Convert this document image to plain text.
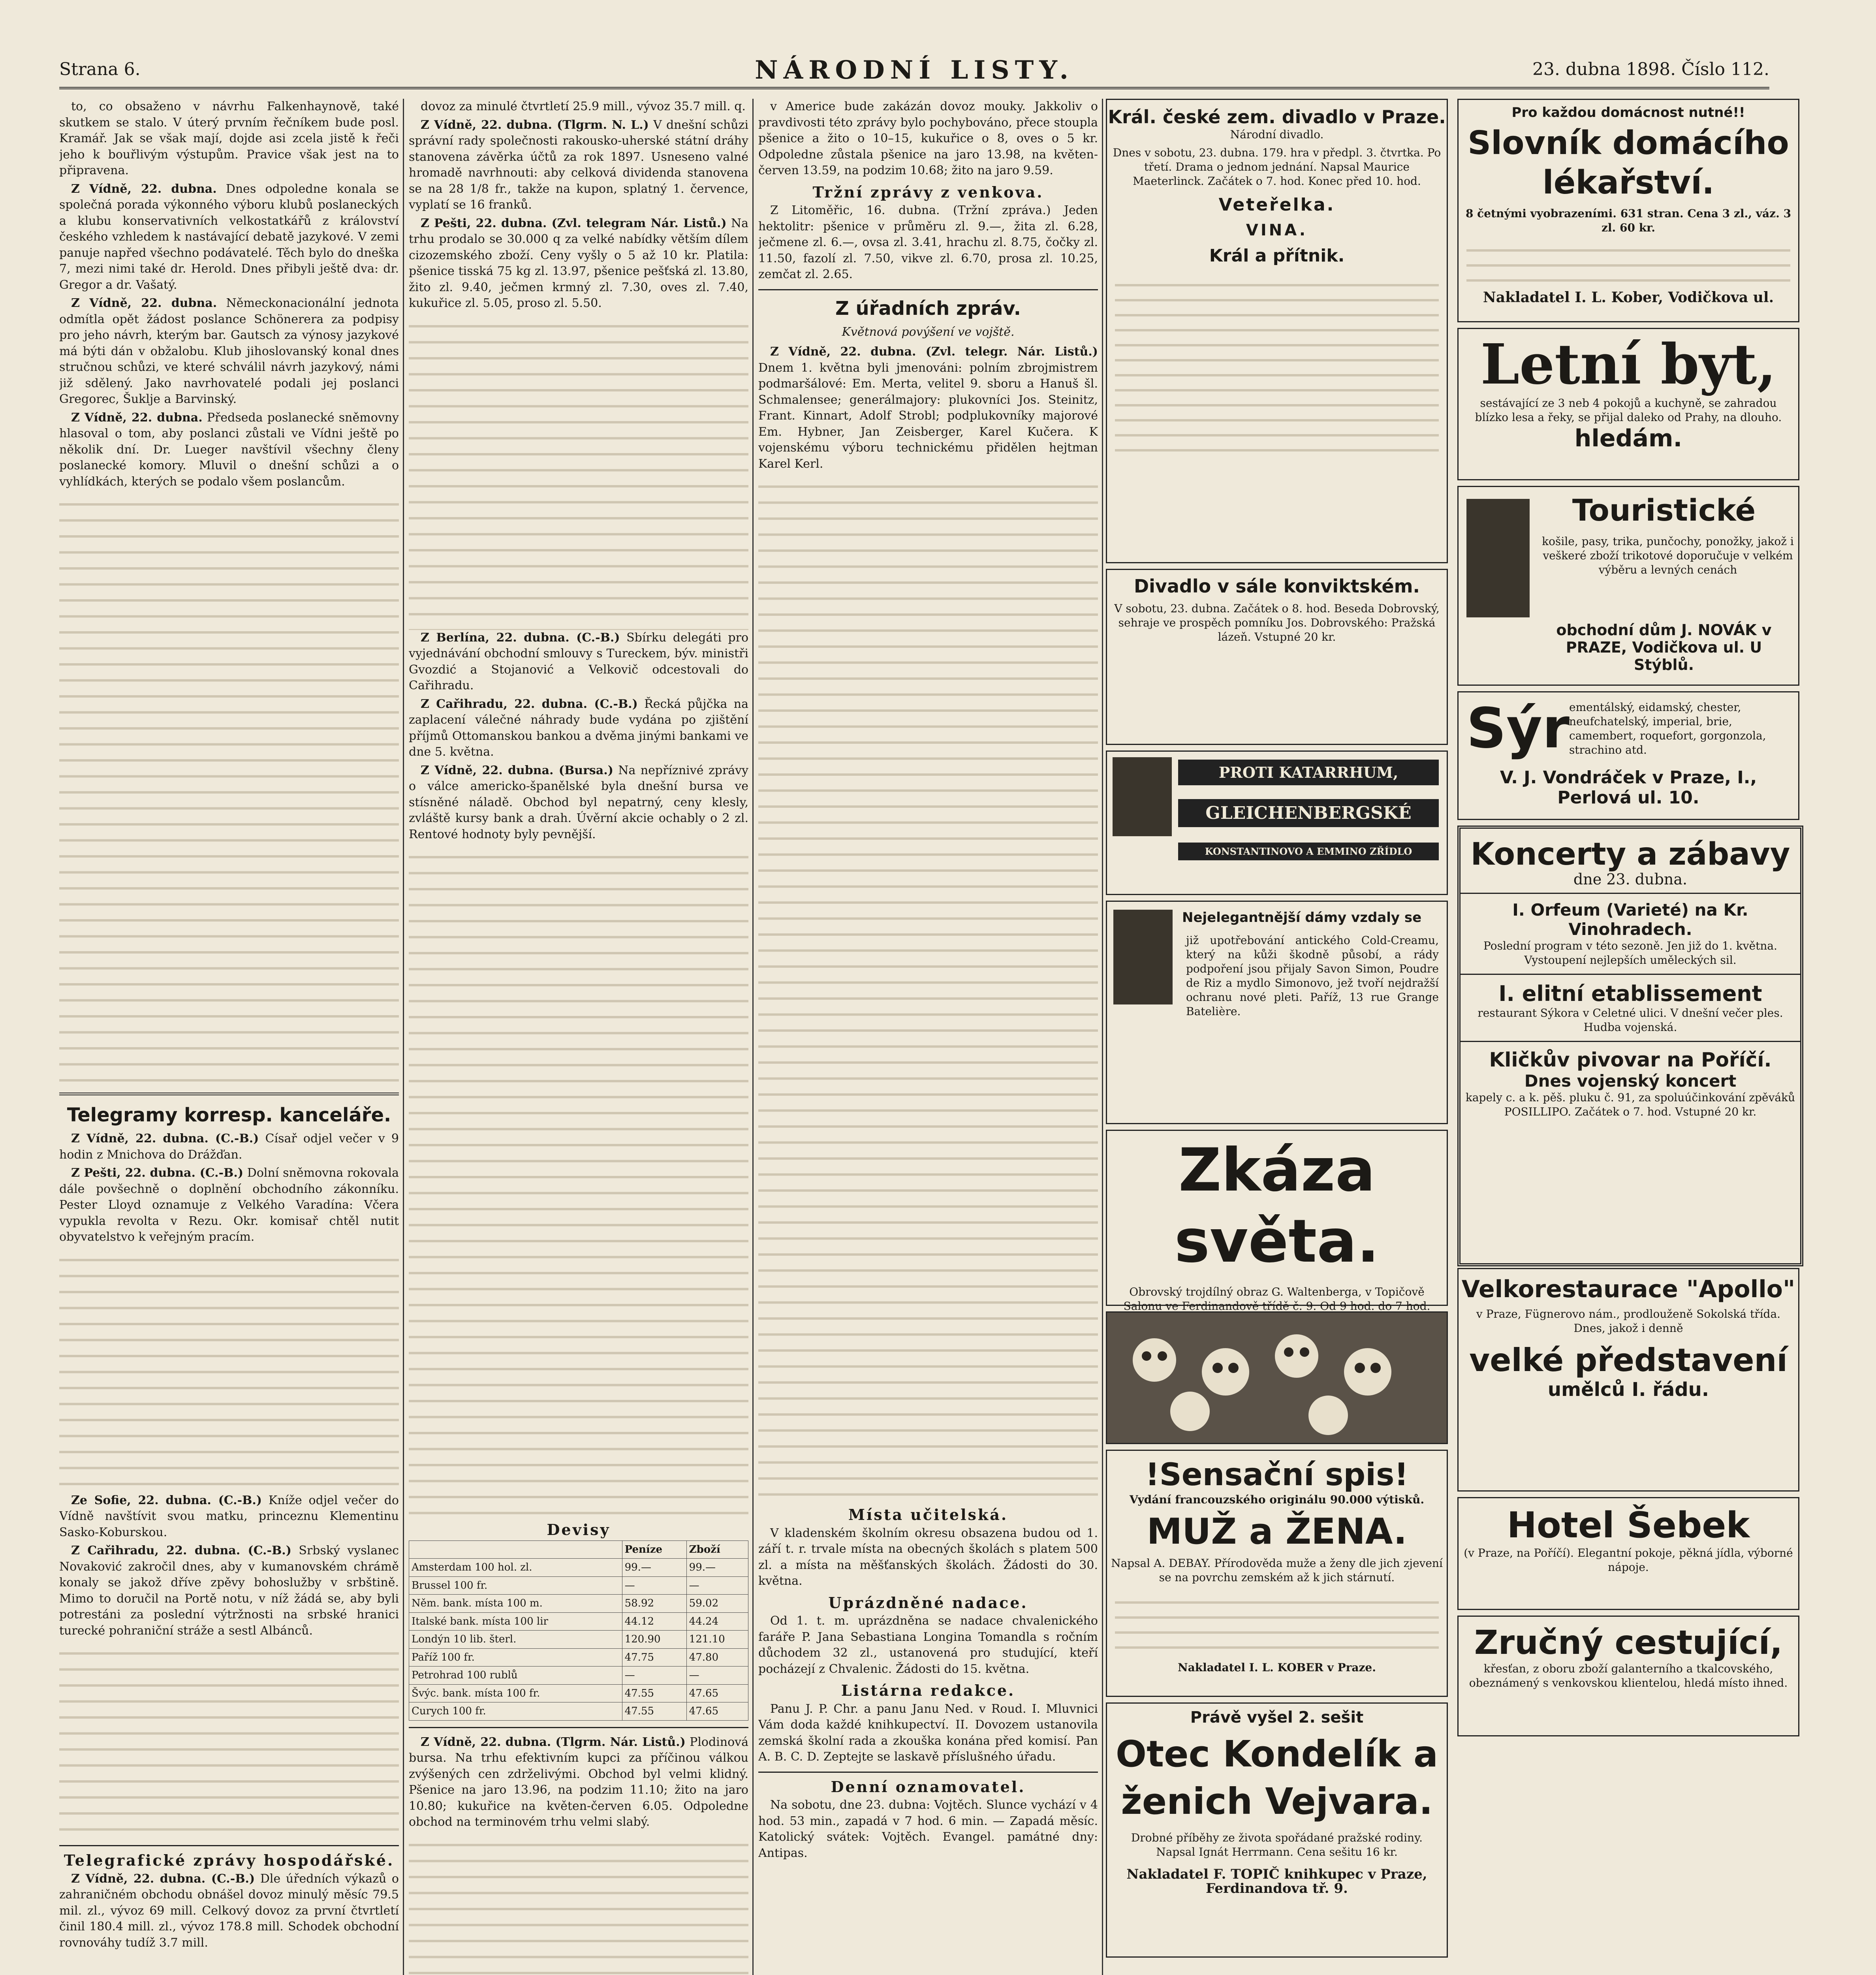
Strana 6.	NÁRODNÍ LISTY.	23. dubna 1898. Číslo 112.

to, co obsaženo v návrhu Falkenhaynově, také skutkem se stalo. V úterý prvním řečníkem bude posl. Kramář. Jak se však mají, dojde asi zcela jistě k řeči jeho k bouřlivým výstupům. Pravice však jest na to připravena.

Z Vídně, 22. dubna. Dnes odpoledne konala se společná porada výkonného výboru klubů poslaneckých a klubu konservativních velkostatkářů z království českého vzhledem k nastávající debatě jazykové. V zemi panuje napřed všechno podávatelé. Těch bylo do dneška 7, mezi nimi také dr. Herold. Dnes přibyli ještě dva: dr. Gregor a dr. Vašatý.

Z Vídně, 22. dubna. Německonacionální jednota odmítla opět žádost poslance Schönerera za podpisy pro jeho návrh, kterým bar. Gautsch za výnosy jazykové má býti dán v obžalobu. Klub jihoslovanský konal dnes stručnou schůzi, ve které schválil návrh jazykový, námi již sdělený. Jako navrhovatelé podali jej poslanci Gregorec, Šuklje a Barvinský.

Z Vídně, 22. dubna. Předseda poslanecké sněmovny hlasoval o tom, aby poslanci zůstali ve Vídni ještě po několik dní. Dr. Lueger navštívil všechny členy poslanecké komory. Mluvil o dnešní schůzi a o vyhlídkách, kterých se podalo všem poslancům.

Telegramy korresp. kanceláře.

Z Vídně, 22. dubna. (C.-B.) Císař odjel večer v 9 hodin z Mnichova do Drážďan.

Z Pešti, 22. dubna. (C.-B.) Dolní sněmovna rokovala dále povšechně o doplnění obchodního zákonníku. Pester Lloyd oznamuje z Velkého Varadína: Včera vypukla revolta v Rezu. Okr. komisař chtěl nutit obyvatelstvo k veřejným pracím.

Ze Sofie, 22. dubna. (C.-B.) Kníže odjel večer do Vídně navštívit svou matku, princeznu Klementinu Sasko-Koburskou.

Z Cařihradu, 22. dubna. (C.-B.) Srbský vyslanec Novaković zakročil dnes, aby v kumanovském chrámě konaly se jakož dříve zpěvy bohoslužby v srbštině. Mimo to doručil na Portě notu, v níž žádá se, aby byli potrestáni za poslední výtržnosti na srbské hranici turecké pohraniční stráže a sestl Albánců.

Telegrafické zprávy hospodářské.

Z Vídně, 22. dubna. (C.-B.) Dle úředních výkazů o zahraničném obchodu obnášel dovoz minulý měsíc 79.5 mil. zl., vývoz 69 mill. Celkový dovoz za první čtvrtletí činil 180.4 mill. zl., vývoz 178.8 mill. Schodek obchodní rovnováhy tudíž 3.7 mill.

dovoz za minulé čtvrtletí 25.9 mill., vývoz 35.7 mill. q.

Z Vídně, 22. dubna. (Tlgrm. N. L.) V dnešní schůzi správní rady společnosti rakousko-uherské státní dráhy stanovena závěrka účtů za rok 1897. Usneseno valné hromadě navrhnouti: aby celková dividenda stanovena se na 28 1/8 fr., takže na kupon, splatný 1. července, vyplatí se 16 franků.

Z Pešti, 22. dubna. (Zvl. telegram Nár. Listů.) Na trhu prodalo se 30.000 q za velké nabídky větším dílem cizozemského zboží. Ceny vyšly o 5 až 10 kr. Platila: pšenice tisská 75 kg zl. 13.97, pšenice pešťská zl. 13.80, žito zl. 9.40, ječmen krmný zl. 7.30, oves zl. 7.40, kukuřice zl. 5.05, proso zl. 5.50.

Z Berlína, 22. dubna. (C.-B.) Sbírku delegáti pro vyjednávání obchodní smlouvy s Tureckem, býv. ministři Gvozdić a Stojanović a Velkovič odcestovali do Cařihradu.

Z Cařihradu, 22. dubna. (C.-B.) Řecká půjčka na zaplacení válečné náhrady bude vydána po zjištění příjmů Ottomanskou bankou a dvěma jinými bankami ve dne 5. května.

Z Vídně, 22. dubna. (Bursa.) Na nepříznivé zprávy o válce americko-španělské byla dnešní bursa ve stísněné náladě. Obchod byl nepatrný, ceny klesly, zvláště kursy bank a drah. Úvěrní akcie ochably o 2 zl. Rentové hodnoty byly pevnější.

Devisy
	Peníze	Zboží
Amsterdam 100 hol. zl.	99.—	99.—
Brussel 100 fr.	—	—
Něm. bank. místa 100 m.	58.92	59.02
Italské bank. místa 100 lir	44.12	44.24
Londýn 10 lib. šterl.	120.90	121.10
Paříž 100 fr.	47.75	47.80
Petrohrad 100 rublů	—	—
Švýc. bank. místa 100 fr.	47.55	47.65
Curych 100 fr.	47.55	47.65

Z Vídně, 22. dubna. (Tlgrm. Nár. Listů.) Plodinová bursa. Na trhu efektivním kupci za příčinou válkou zvýšených cen zdrželivými. Obchod byl velmi klidný. Pšenice na jaro 13.96, na podzim 11.10; žito na jaro 10.80; kukuřice na květen-červen 6.05. Odpoledne obchod na terminovém trhu velmi slabý.

v Americe bude zakázán dovoz mouky. Jakkoliv o pravdivosti této zprávy bylo pochybováno, přece stoupla pšenice a žito o 10–15, kukuřice o 8, oves o 5 kr. Odpoledne zůstala pšenice na jaro 13.98, na květen-červen 13.59, na podzim 10.68; žito na jaro 9.59.

Tržní zprávy z venkova.

Z Litoměřic, 16. dubna. (Tržní zpráva.) Jeden hektolitr: pšenice v průměru zl. 9.—, žita zl. 6.28, ječmene zl. 6.—, ovsa zl. 3.41, hrachu zl. 8.75, čočky zl. 11.50, fazolí zl. 7.50, vikve zl. 6.70, prosa zl. 10.25, zemčat zl. 2.65.

Z úřadních zpráv.
Květnová povýšení ve vojště.

Z Vídně, 22. dubna. (Zvl. telegr. Nár. Listů.) Dnem 1. května byli jmenováni: polním zbrojmistrem podmaršálové: Em. Merta, velitel 9. sboru a Hanuš šl. Schmalensee; generálmajory: plukovníci Jos. Steinitz, Frant. Kinnart, Adolf Strobl; podplukovníky majorové Em. Hybner, Jan Zeisberger, Karel Kučera. K vojenskému výboru technickému přidělen hejtman Karel Kerl.

Místa učitelská.

V kladenském školním okresu obsazena budou od 1. září t. r. trvale místa na obecných školách s platem 500 zl. a místa na měšťanských školách. Žádosti do 30. května.

Uprázdněné nadace.

Od 1. t. m. uprázdněna se nadace chvalenického faráře P. Jana Sebastiana Longina Tomandla s ročním důchodem 32 zl., ustanovená pro studující, kteří pocházejí z Chvalenic. Žádosti do 15. května.

Listárna redakce.

Panu J. P. Chr. a panu Janu Ned. v Roud. I. Mluvnici Vám doda každé knihkupectví. II. Dovozem ustanovila zemská školní rada a zkouška konána před komisí. Pan A. B. C. D. Zeptejte se laskavě příslušného úřadu.

Denní oznamovatel.

Na sobotu, dne 23. dubna: Vojtěch. Slunce vychází v 4 hod. 53 min., zapadá v 7 hod. 6 min. — Zapadá měsíc. Katolický svátek: Vojtěch. Evangel. památné dny: Antipas.

Král. české zem. divadlo v Praze.
Národní divadlo.
Dnes v sobotu, 23. dubna. 179. hra v předpl. 3. čtvrtka. Po třetí. Drama o jednom jednání. Napsal Maurice Maeterlinck. Začátek o 7. hod. Konec před 10. hod.
Veteřelka.
VINA.
Král a přítnik.
Divadlo v sále konviktském.
V sobotu, 23. dubna. Začátek o 8. hod. Beseda Dobrovský, sehraje ve prospěch pomníku Jos. Dobrovského: Pražská lázeň. Vstupné 20 kr.
PROTI KATARRHUM,
GLEICHENBERGSKÉ
KONSTANTINOVO A EMMINO ZŘÍDLO
Nejelegantnější dámy vzdaly se
již upotřebování antického Cold-Creamu, který na kůži škodně působí, a rády podpoření jsou přijaly Savon Simon, Poudre de Riz a mydlo Simonovo, jež tvoří nejdražší ochranu nové pleti. Paříž, 13 rue Grange Batelière.
Zkáza světa.
Obrovský trojdílný obraz G. Waltenberga, v Topičově Salonu ve Ferdinandově třídě č. 9. Od 9 hod. do 7 hod.
!Sensační spis!
Vydání francouzského originálu 90.000 výtisků.
MUŽ a ŽENA.
Napsal A. DEBAY. Přírodověda muže a ženy dle jich zjevení se na povrchu zemském až k jich stárnutí.
Nakladatel I. L. KOBER v Praze.
Právě vyšel 2. sešit
Otec Kondelík a ženich Vejvara.
Drobné příběhy ze života spořádané pražské rodiny. Napsal Ignát Herrmann. Cena sešitu 16 kr.
Nakladatel F. TOPIČ knihkupec v Praze, Ferdinandova tř. 9.
Pro každou domácnost nutné!!
Slovník domácího lékařství.
8 četnými vyobrazeními. 631 stran. Cena 3 zl., váz. 3 zl. 60 kr.
Nakladatel I. L. Kober, Vodičkova ul.
Letní byt,
sestávající ze 3 neb 4 pokojů a kuchyně, se zahradou blízko lesa a řeky, se přijal daleko od Prahy, na dlouho.
hledám.
Touristické
košile, pasy, trika, punčochy, ponožky, jakož i veškeré zboží trikotové doporučuje v velkém výběru a levných cenách
obchodní dům J. NOVÁK v PRAZE, Vodičkova ul. U Stýblů.
Sýr
ementálský, eidamský, chester, neufchatelský, imperial, brie, camembert, roquefort, gorgonzola, strachino atd.
V. J. Vondráček v Praze, I., Perlová ul. 10.
Koncerty a zábavy
dne 23. dubna.
I. Orfeum (Varieté) na Kr. Vinohradech.
Poslední program v této sezoně. Jen již do 1. května. Vystoupení nejlepších uměleckých sil.
I. elitní etablissement
restaurant Sýkora v Celetné ulici. V dnešní večer ples. Hudba vojenská.
Kličkův pivovar na Poříčí.
Dnes vojenský koncert
kapely c. a k. pěš. pluku č. 91, za spoluúčinkování zpěváků POSILLIPO. Začátek o 7. hod. Vstupné 20 kr.
Velkorestaurace "Apollo"
v Praze, Fügnerovo nám., prodlouženě Sokolská třída. Dnes, jakož i denně
velké představení
umělců I. řádu.
Hotel Šebek
(v Praze, na Poříčí). Elegantní pokoje, pěkná jídla, výborné nápoje.
Zručný cestující,
křesťan, z oboru zboží galanterního a tkalcovského, obeznámený s venkovskou klientelou, hledá místo ihned.
